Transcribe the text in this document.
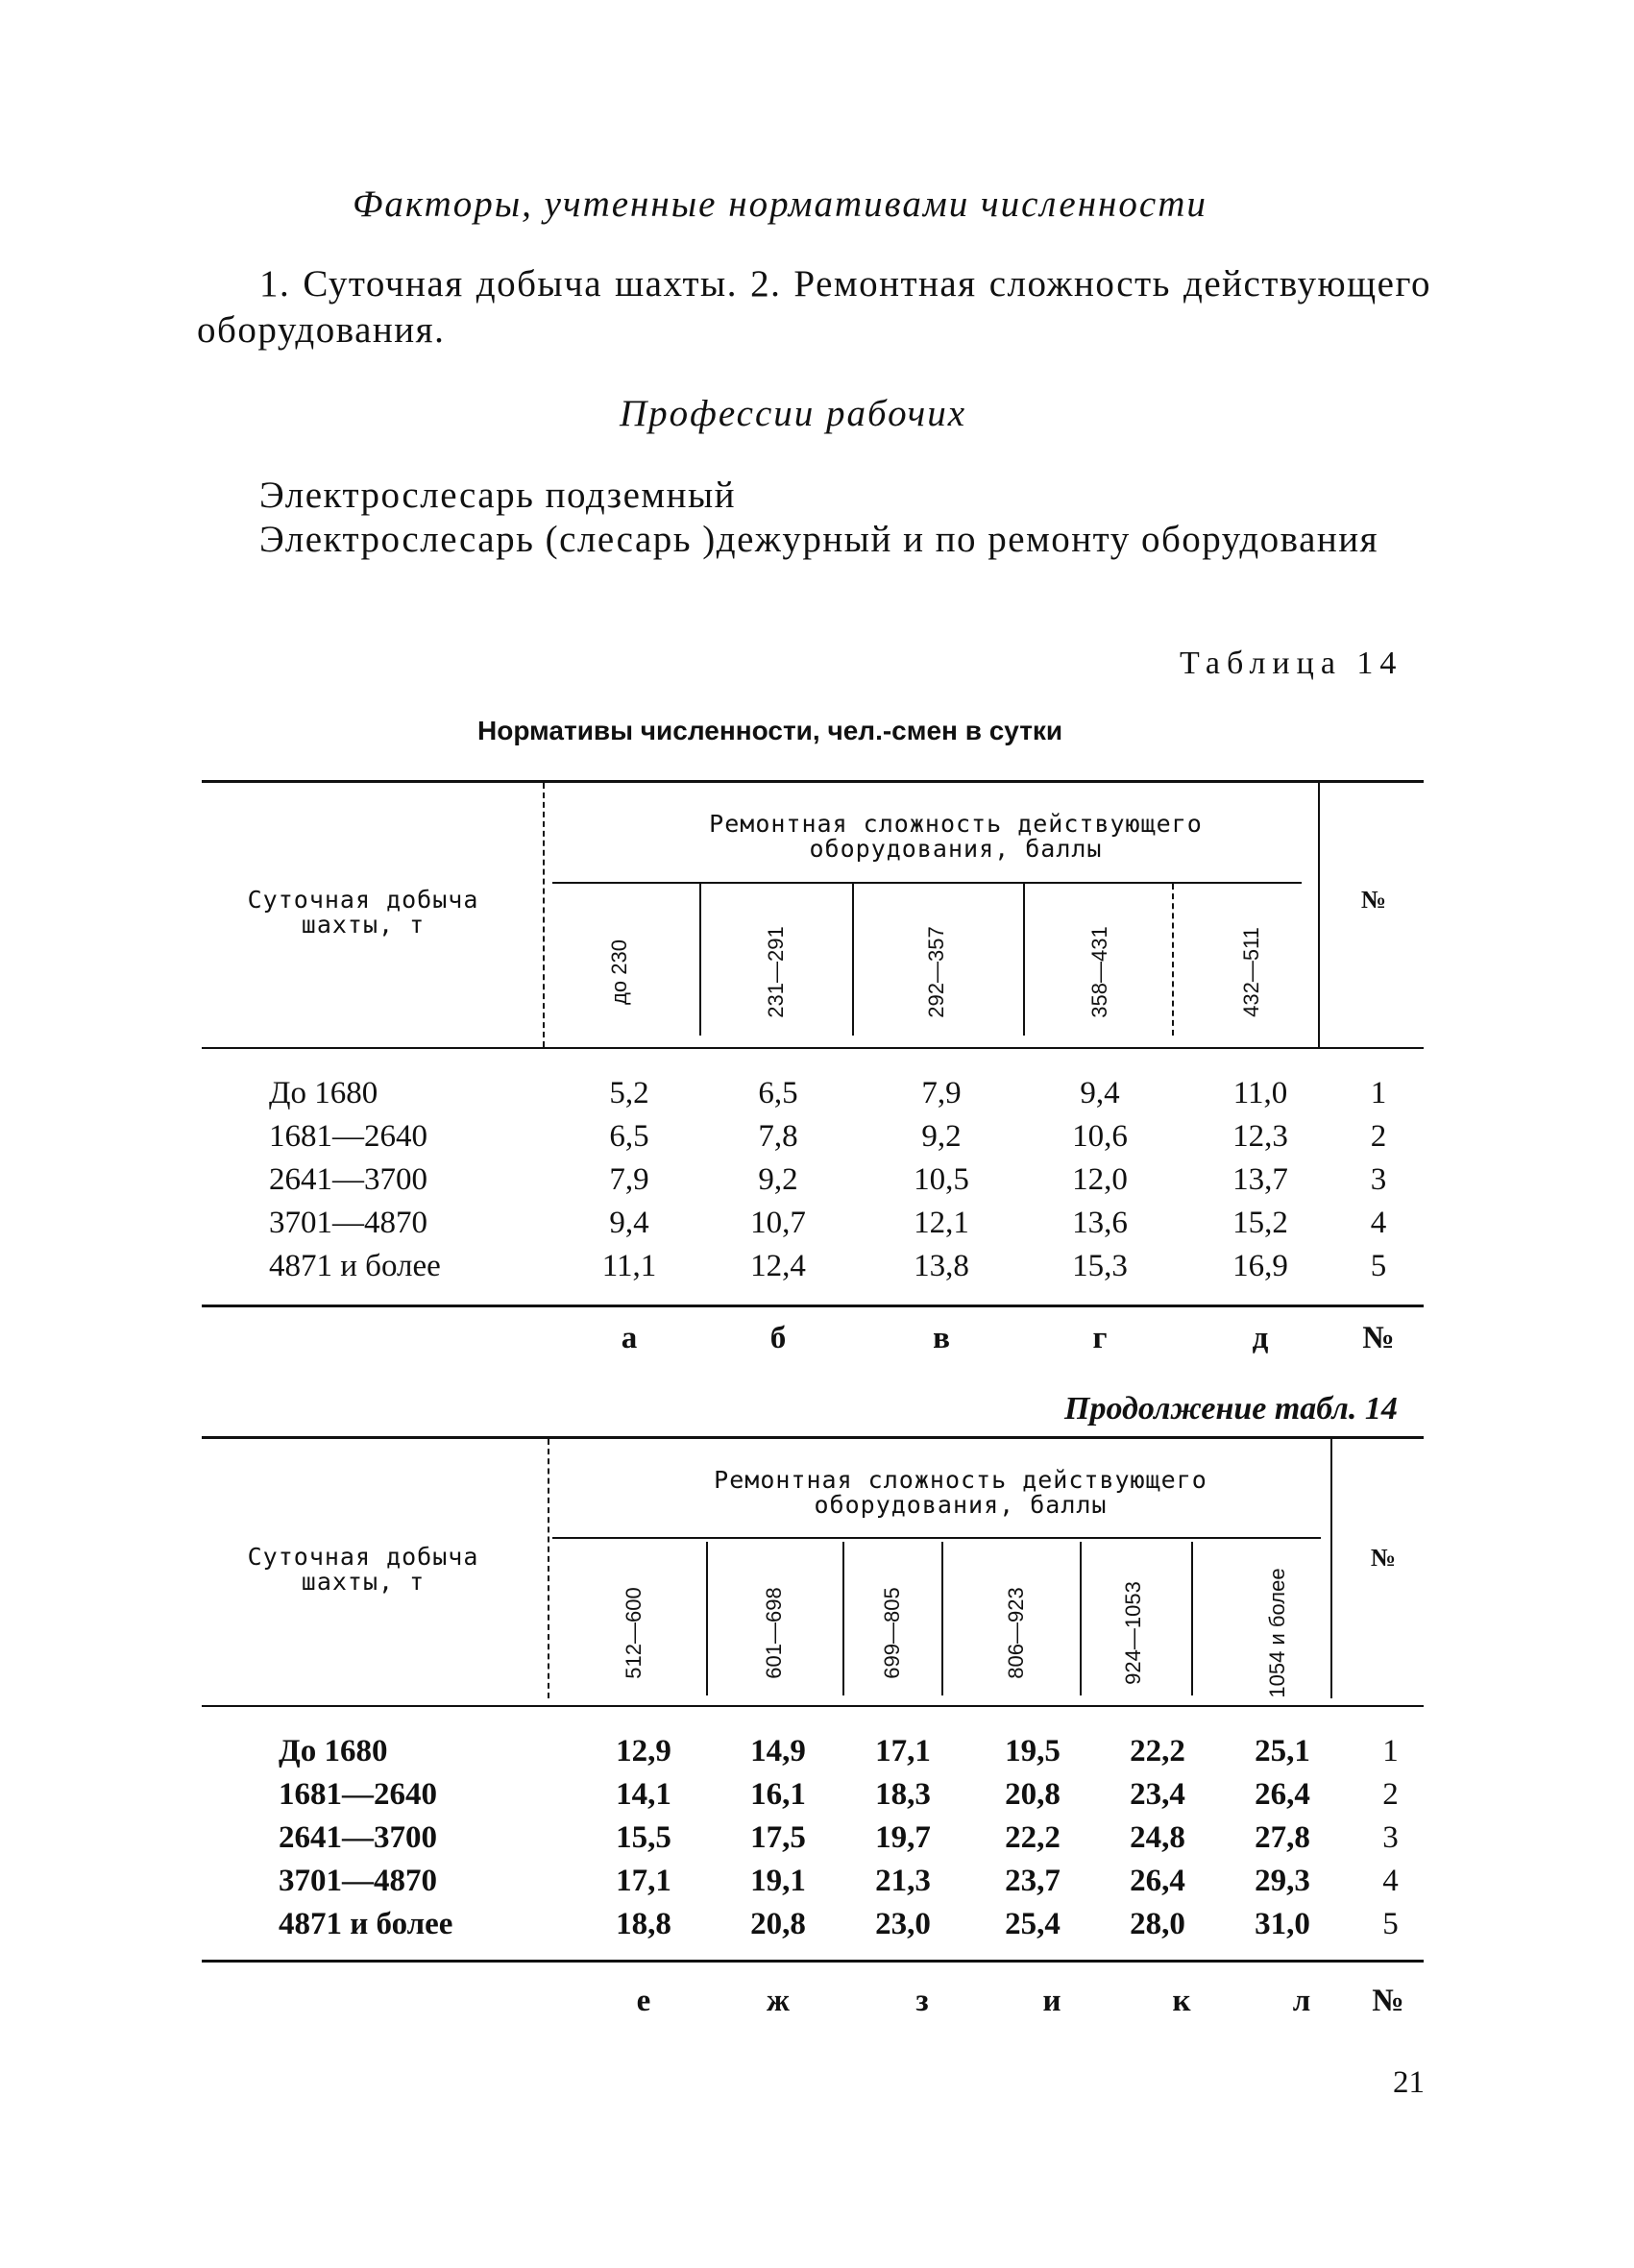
Факторы, учтенные нормативами численности
1. Суточная добыча шахты. 2. Ремонтная сложность действующего оборудования.
Профессии рабочих
Электрослесарь подземный
Электрослесарь (слесарь )дежурный и по ремонту оборудования
Таблица 14
Нормативы численности, чел.-смен в сутки
Суточная добыча шахты, т
Ремонтная сложность действующего оборудования, баллы
№
до 230	231—291	292—357	358—431	432—511
До 1680	5,2	6,5	7,9	9,4	11,0	1
1681—2640	6,5	7,8	9,2	10,6	12,3	2
2641—3700	7,9	9,2	10,5	12,0	13,7	3
3701—4870	9,4	10,7	12,1	13,6	15,2	4
4871 и более	11,1	12,4	13,8	15,3	16,9	5
а	б	в	г	д	№
Продолжение табл. 14
Суточная добыча шахты, т
Ремонтная сложность действующего оборудования, баллы
№
512—600	601—698	699—805	806—923	924—1053	1054 и более
До 1680	12,9	14,9	17,1	19,5	22,2	25,1	1
1681—2640	14,1	16,1	18,3	20,8	23,4	26,4	2
2641—3700	15,5	17,5	19,7	22,2	24,8	27,8	3
3701—4870	17,1	19,1	21,3	23,7	26,4	29,3	4
4871 и более	18,8	20,8	23,0	25,4	28,0	31,0	5
е	ж	з	и	к	л	№
21
